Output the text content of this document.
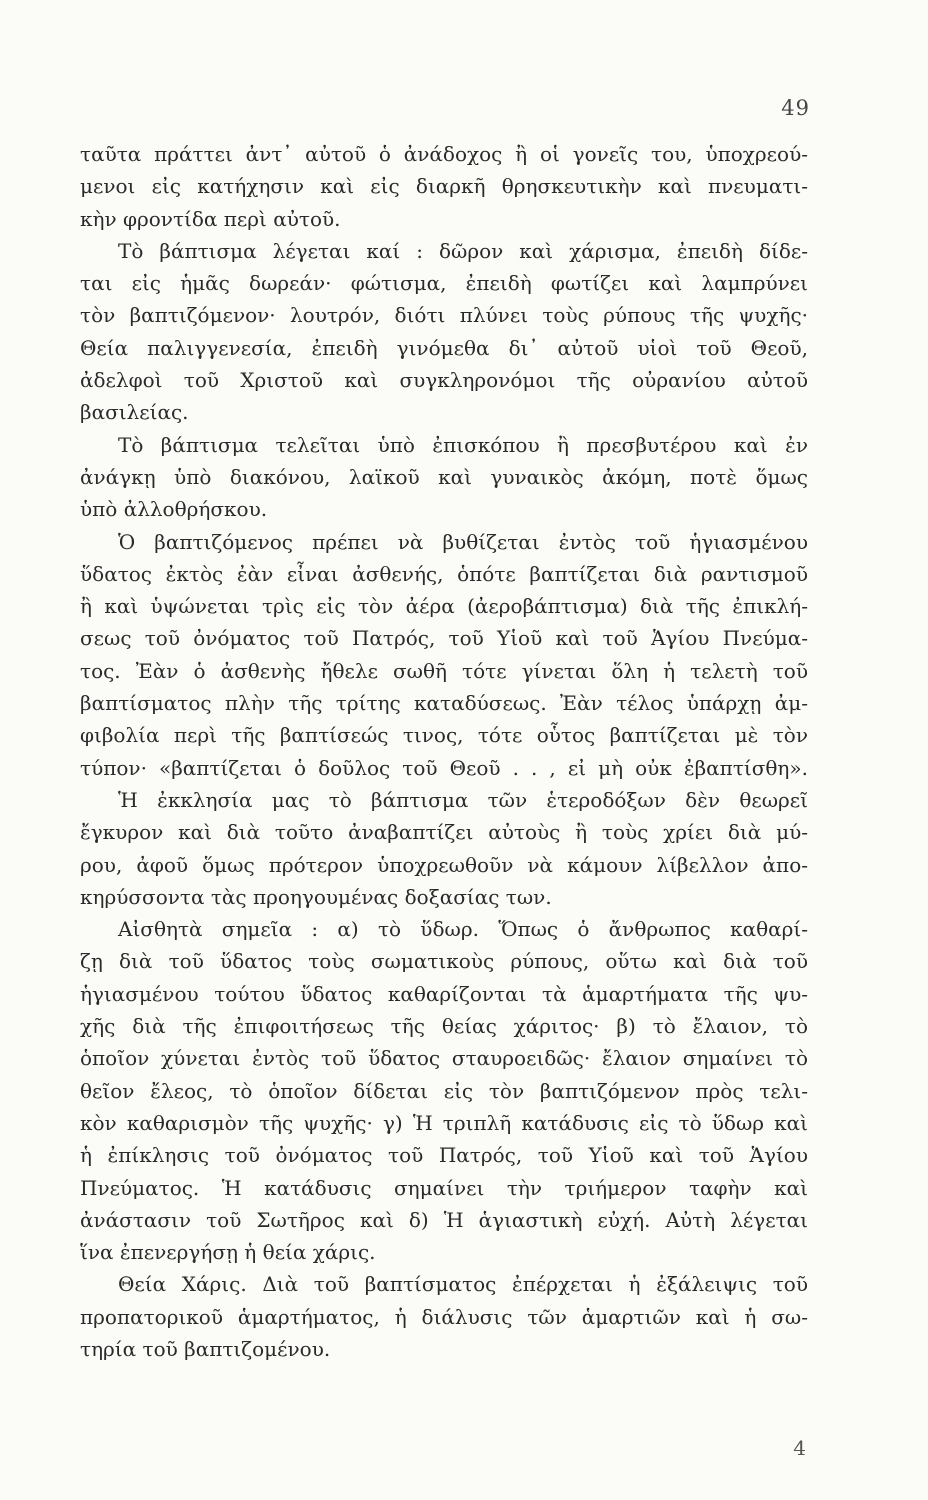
49
ταῦτα πράττει ἀντ᾽ αὐτοῦ ὁ ἀνάδοχος ἢ οἱ γονεῖς του, ὑποχρεού-
μενοι εἰς κατήχησιν καὶ εἰς διαρκῆ θρησκευτικὴν καὶ πνευματι-
κὴν φροντίδα περὶ αὐτοῦ.
Τὸ βάπτισμα λέγεται καί : δῶρον καὶ χάρισμα, ἐπειδὴ δίδε-
ται εἰς ἡμᾶς δωρεάν· φώτισμα, ἐπειδὴ φωτίζει καὶ λαμπρύνει
τὸν βαπτιζόμενον· λουτρόν, διότι πλύνει τοὺς ρύπους τῆς ψυχῆς·
Θεία παλιγγενεσία, ἐπειδὴ γινόμεθα δι᾽ αὐτοῦ υἱοὶ τοῦ Θεοῦ,
ἀδελφοὶ τοῦ Χριστοῦ καὶ συγκληρονόμοι τῆς οὐρανίου αὐτοῦ
βασιλείας.
Τὸ βάπτισμα τελεῖται ὑπὸ ἐπισκόπου ἢ πρεσβυτέρου καὶ ἐν
ἀνάγκῃ ὑπὸ διακόνου, λαϊκοῦ καὶ γυναικὸς ἀκόμη, ποτὲ ὅμως
ὑπὸ ἀλλοθρήσκου.
Ὁ βαπτιζόμενος πρέπει νὰ βυθίζεται ἐντὸς τοῦ ἡγιασμένου
ὕδατος ἐκτὸς ἐὰν εἶναι ἀσθενής, ὁπότε βαπτίζεται διὰ ραντισμοῦ
ἢ καὶ ὑψώνεται τρὶς εἰς τὸν ἀέρα (ἀεροβάπτισμα) διὰ τῆς ἐπικλή-
σεως τοῦ ὀνόματος τοῦ Πατρός, τοῦ Υἱοῦ καὶ τοῦ Ἁγίου Πνεύμα-
τος. Ἐὰν ὁ ἀσθενὴς ἤθελε σωθῆ τότε γίνεται ὅλη ἡ τελετὴ τοῦ
βαπτίσματος πλὴν τῆς τρίτης καταδύσεως. Ἐὰν τέλος ὑπάρχῃ ἀμ-
φιβολία περὶ τῆς βαπτίσεώς τινος, τότε οὗτος βαπτίζεται μὲ τὸν
τύπον· «βαπτίζεται ὁ δοῦλος τοῦ Θεοῦ . . , εἰ μὴ οὐκ ἐβαπτίσθη».
Ἡ ἐκκλησία μας τὸ βάπτισμα τῶν ἑτεροδόξων δὲν θεωρεῖ
ἔγκυρον καὶ διὰ τοῦτο ἀναβαπτίζει αὐτοὺς ἢ τοὺς χρίει διὰ μύ-
ρου, ἀφοῦ ὅμως πρότερον ὑποχρεωθοῦν νὰ κάμουν λίβελλον ἀπο-
κηρύσσοντα τὰς προηγουμένας δοξασίας των.
Αἰσθητὰ σημεῖα : α) τὸ ὕδωρ. Ὅπως ὁ ἄνθρωπος καθαρί-
ζῃ διὰ τοῦ ὕδατος τοὺς σωματικοὺς ρύπους, οὕτω καὶ διὰ τοῦ
ἡγιασμένου τούτου ὕδατος καθαρίζονται τὰ ἁμαρτήματα τῆς ψυ-
χῆς διὰ τῆς ἐπιφοιτήσεως τῆς θείας χάριτος· β) τὸ ἔλαιον, τὸ
ὁποῖον χύνεται ἐντὸς τοῦ ὕδατος σταυροειδῶς· ἔλαιον σημαίνει τὸ
θεῖον ἔλεος, τὸ ὁποῖον δίδεται εἰς τὸν βαπτιζόμενον πρὸς τελι-
κὸν καθαρισμὸν τῆς ψυχῆς· γ) Ἡ τριπλῆ κατάδυσις εἰς τὸ ὕδωρ καὶ
ἡ ἐπίκλησις τοῦ ὀνόματος τοῦ Πατρός, τοῦ Υἱοῦ καὶ τοῦ Ἁγίου
Πνεύματος. Ἡ κατάδυσις σημαίνει τὴν τριήμερον ταφὴν καὶ
ἀνάστασιν τοῦ Σωτῆρος καὶ δ) Ἡ ἁγιαστικὴ εὐχή. Αὐτὴ λέγεται
ἵνα ἐπενεργήσῃ ἡ θεία χάρις.
Θεία Χάρις. Διὰ τοῦ βαπτίσματος ἐπέρχεται ἡ ἐξάλειψις τοῦ
προπατορικοῦ ἁμαρτήματος, ἡ διάλυσις τῶν ἁμαρτιῶν καὶ ἡ σω-
τηρία τοῦ βαπτιζομένου.
4
